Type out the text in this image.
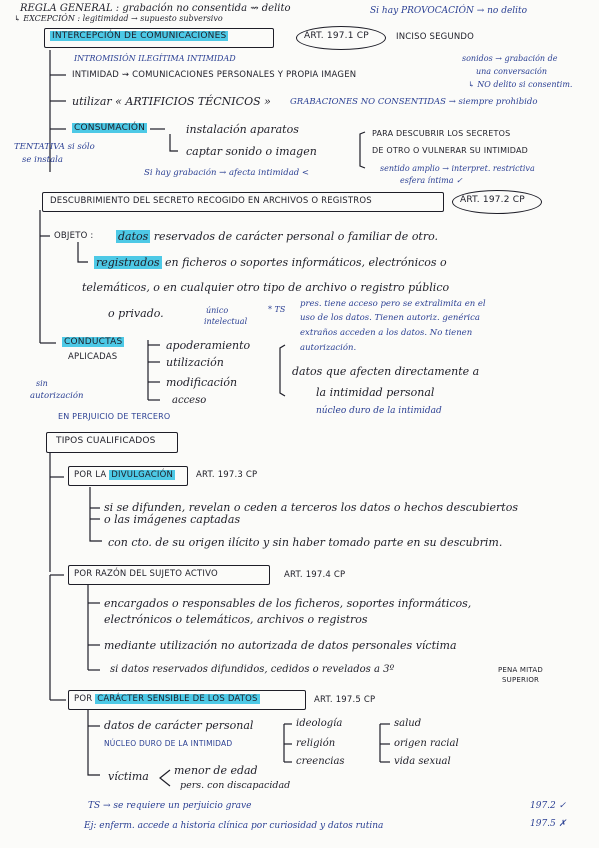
REGLA GENERAL : grabación no consentida ⇝ delito
↳ EXCEPCIÓN : legitimidad → supuesto subversivo
Si hay PROVOCACIÓN → no delito
INTERCEPCIÓN DE COMUNICACIONES	ART. 197.1 CP	INCISO SEGUNDO
INTROMISIÓN ILEGÍTIMA INTIMIDAD
INTIMIDAD ⇝ COMUNICACIONES PERSONALES Y PROPIA IMAGEN
sonidos → grabación de
una conversación
↳ NO delito si consentim.
utilizar « ARTIFICIOS TÉCNICOS » GRABACIONES NO CONSENTIDAS → siempre prohibido
CONSUMACIÓN	instalación aparatos
captar sonido o imagen
TENTATIVA si sólo
se instala
PARA DESCUBRIR LOS SECRETOS
DE OTRO O VULNERAR SU INTIMIDAD
Si hay grabación → afecta intimidad <	sentido amplio → interpret. restrictiva
esfera íntima ✓
DESCUBRIMIENTO DEL SECRETO RECOGIDO EN ARCHIVOS O REGISTROS	ART. 197.2 CP
OBJETO : datos reservados de carácter personal o familiar de otro.
registrados en ficheros o soportes informáticos, electrónicos o
telemáticos, o en cualquier otro tipo de archivo o registro público
o privado.	único
intelectual
* TS
pres. tiene acceso pero se extralimita en el
uso de los datos. Tienen autoriz. genérica
extraños acceden a los datos. No tienen
autorización.
CONDUCTAS
APLICADAS
apoderamiento
utilización
modificación
acceso
sin
autorización
datos que afecten directamente a
la intimidad personal
núcleo duro de la intimidad
EN PERJUICIO DE TERCERO
TIPOS CUALIFICADOS
POR LA DIVULGACIÓN	ART. 197.3 CP
si se difunden, revelan o ceden a terceros los datos o hechos descubiertos
o las imágenes captadas
con cto. de su origen ilícito y sin haber tomado parte en su descubrim.
POR RAZÓN DEL SUJETO ACTIVO	ART. 197.4 CP
encargados o responsables de los ficheros, soportes informáticos,
electrónicos o telemáticos, archivos o registros
mediante utilización no autorizada de datos personales víctima
si datos reservados difundidos, cedidos o revelados a 3º	PENA MITAD
SUPERIOR
POR CARÁCTER SENSIBLE DE LOS DATOS	ART. 197.5 CP
datos de carácter personal
NÚCLEO DURO DE LA INTIMIDAD
ideología
religión
creencias
salud
origen racial
vida sexual
víctima menor de edad
pers. con discapacidad
TS → se requiere un perjuicio grave
Ej: enferm. accede a historia clínica por curiosidad y datos rutina
197.2 ✓
197.5 ✗
